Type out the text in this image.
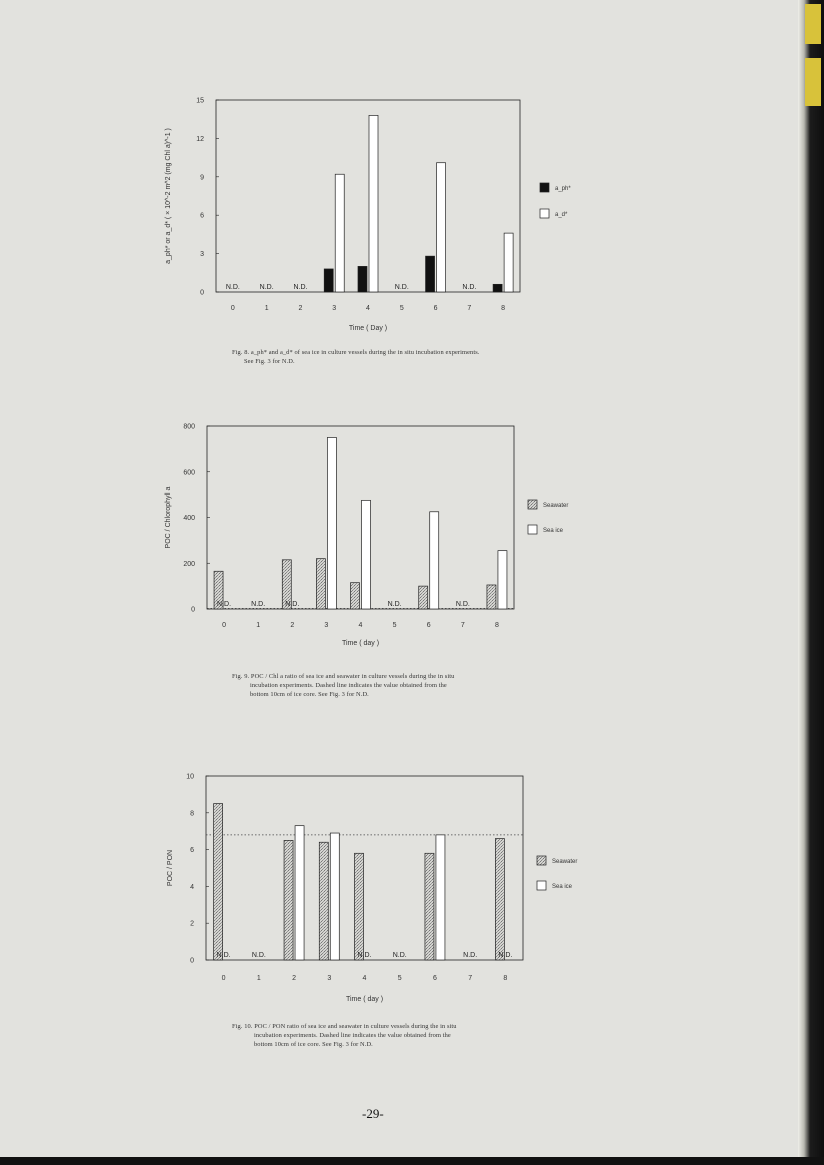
0
3
6
9
12
15
0	1	2	3	4	5	6	7	8
Time ( Day )
a_ph* or a_d* ( × 10^-2 m^2 (mg Chl a)^-1 )
N.D.	N.D.	N.D.	N.D.	N.D.
a_ph*
a_d*
Fig. 8. a_ph* and a_d* of sea ice in culture vessels during the in situ incubation experiments.
See Fig. 3 for N.D.
0
200
400
600
800
0	1	2	3	4	5	6	7	8
Time ( day )
POC / Chlorophyll a
N.D.	N.D.	N.D.	N.D.	N.D.
Seawater
Sea ice
Fig. 9. POC / Chl a ratio of sea ice and seawater in culture vessels during the in situ
incubation experiments. Dashed line indicates the value obtained from the
bottom 10cm of ice core. See Fig. 3 for N.D.
0
2
4
6
8
10
0	1	2	3	4	5	6	7	8
Time ( day )
POC / PON
N.D.	N.D.	N.D.	N.D.	N.D.	N.D.
Seawater
Sea ice
Fig. 10. POC / PON ratio of sea ice and seawater in culture vessels during the in situ
incubation experiments. Dashed line indicates the value obtained from the
bottom 10cm of ice core. See Fig. 3 for N.D.
-29-
